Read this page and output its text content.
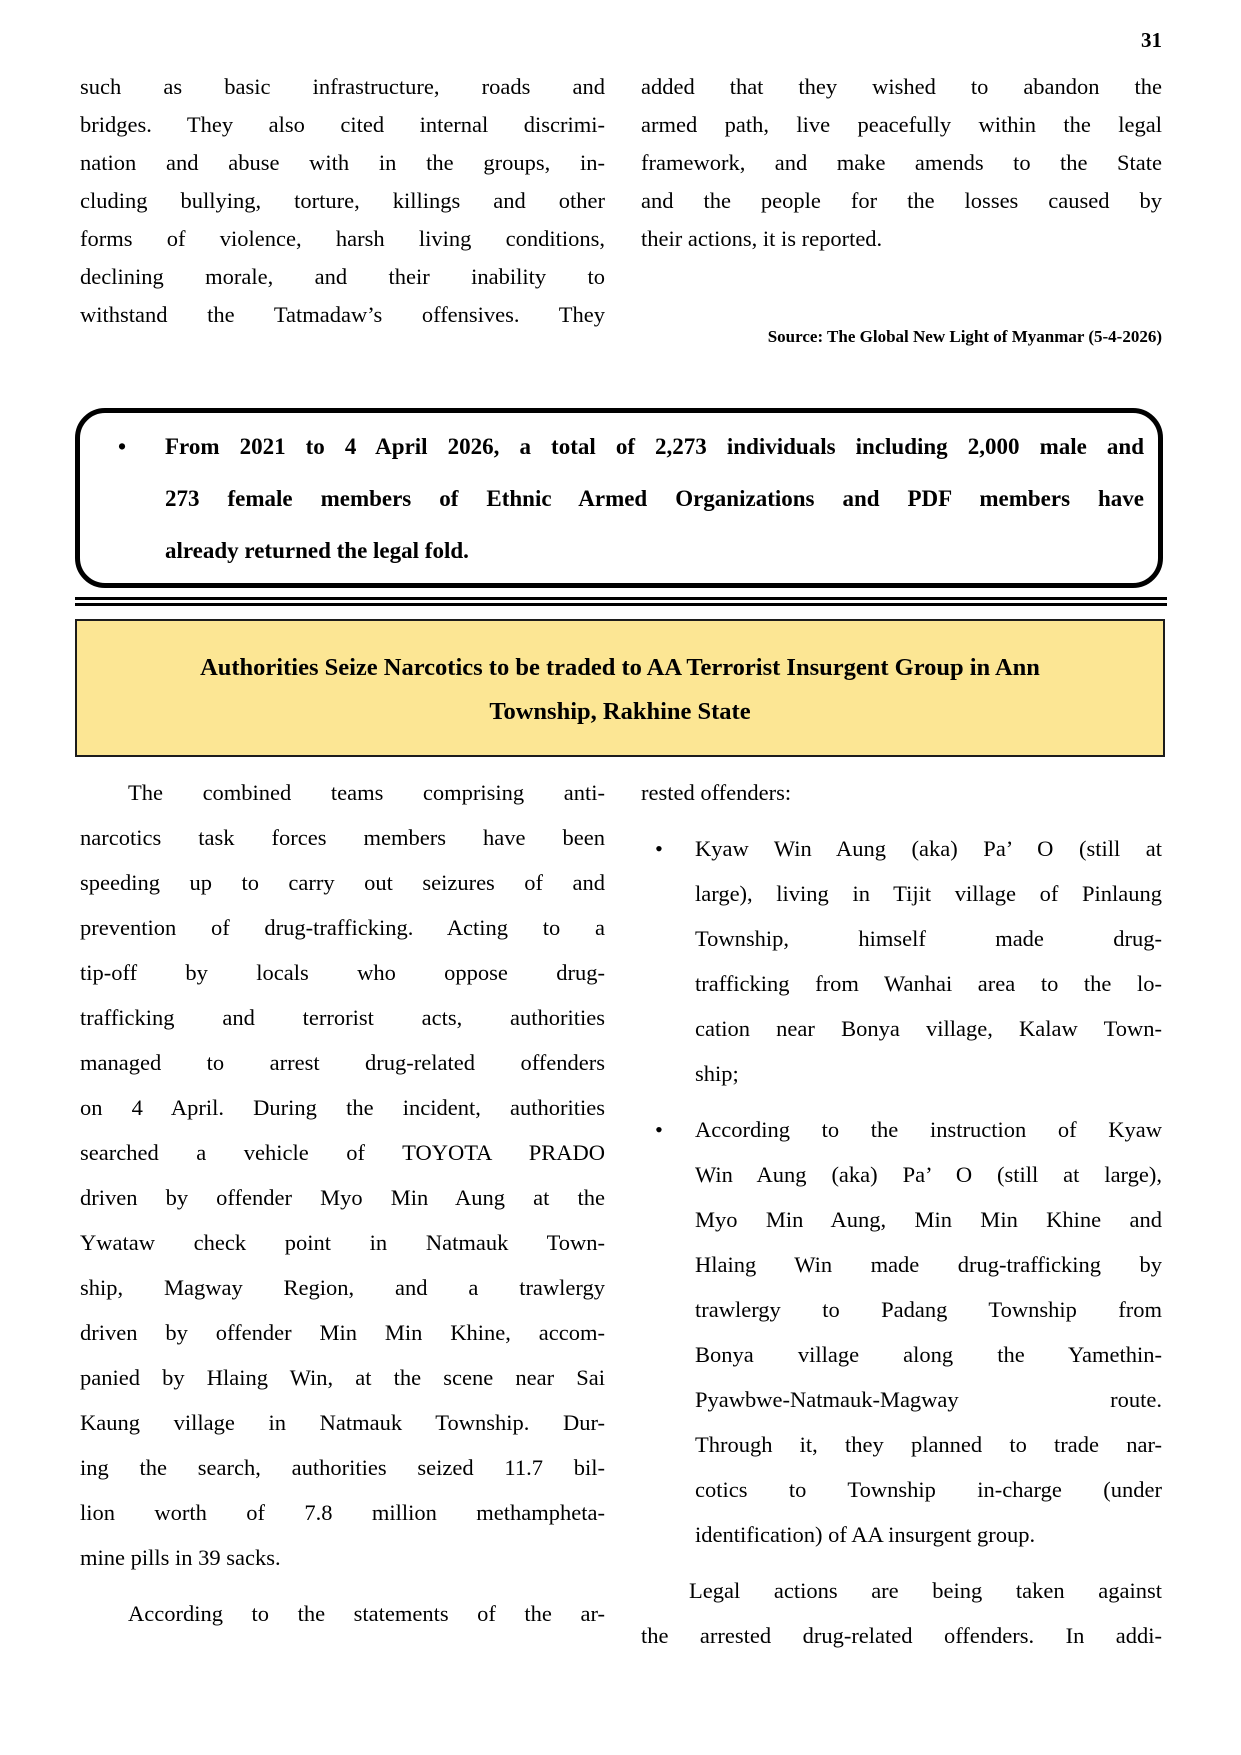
31
such as basic infrastructure, roads and
bridges. They also cited internal discrimi-
nation and abuse with in the groups, in-
cluding bullying, torture, killings and other
forms of violence, harsh living conditions,
declining morale, and their inability to
withstand the Tatmadaw’s offensives. They
added that they wished to abandon the
armed path, live peacefully within the legal
framework, and make amends to the State
and the people for the losses caused by
their actions, it is reported.
Source: The Global New Light of Myanmar (5-4-2026)
• From 2021 to 4 April 2026, a total of 2,273 individuals including 2,000 male and
273 female members of Ethnic Armed Organizations and PDF members have
already returned the legal fold.
Authorities Seize Narcotics to be traded to AA Terrorist Insurgent Group in Ann
Township, Rakhine State
The combined teams comprising anti-
narcotics task forces members have been
speeding up to carry out seizures of and
prevention of drug-trafficking. Acting to a
tip-off by locals who oppose drug-
trafficking and terrorist acts, authorities
managed to arrest drug-related offenders
on 4 April. During the incident, authorities
searched a vehicle of TOYOTA PRADO
driven by offender Myo Min Aung at the
Ywataw check point in Natmauk Town-
ship, Magway Region, and a trawlergy
driven by offender Min Min Khine, accom-
panied by Hlaing Win, at the scene near Sai
Kaung village in Natmauk Township. Dur-
ing the search, authorities seized 11.7 bil-
lion worth of 7.8 million methampheta-
mine pills in 39 sacks.
According to the statements of the ar-
rested offenders:
• Kyaw Win Aung (aka) Pa’ O (still at
large), living in Tijit village of Pinlaung
Township, himself made drug-
trafficking from Wanhai area to the lo-
cation near Bonya village, Kalaw Town-
ship;
• According to the instruction of Kyaw
Win Aung (aka) Pa’ O (still at large),
Myo Min Aung, Min Min Khine and
Hlaing Win made drug-trafficking by
trawlergy to Padang Township from
Bonya village along the Yamethin-
Pyawbwe-Natmauk-Magway route.
Through it, they planned to trade nar-
cotics to Township in-charge (under
identification) of AA insurgent group.
Legal actions are being taken against
the arrested drug-related offenders. In addi-
